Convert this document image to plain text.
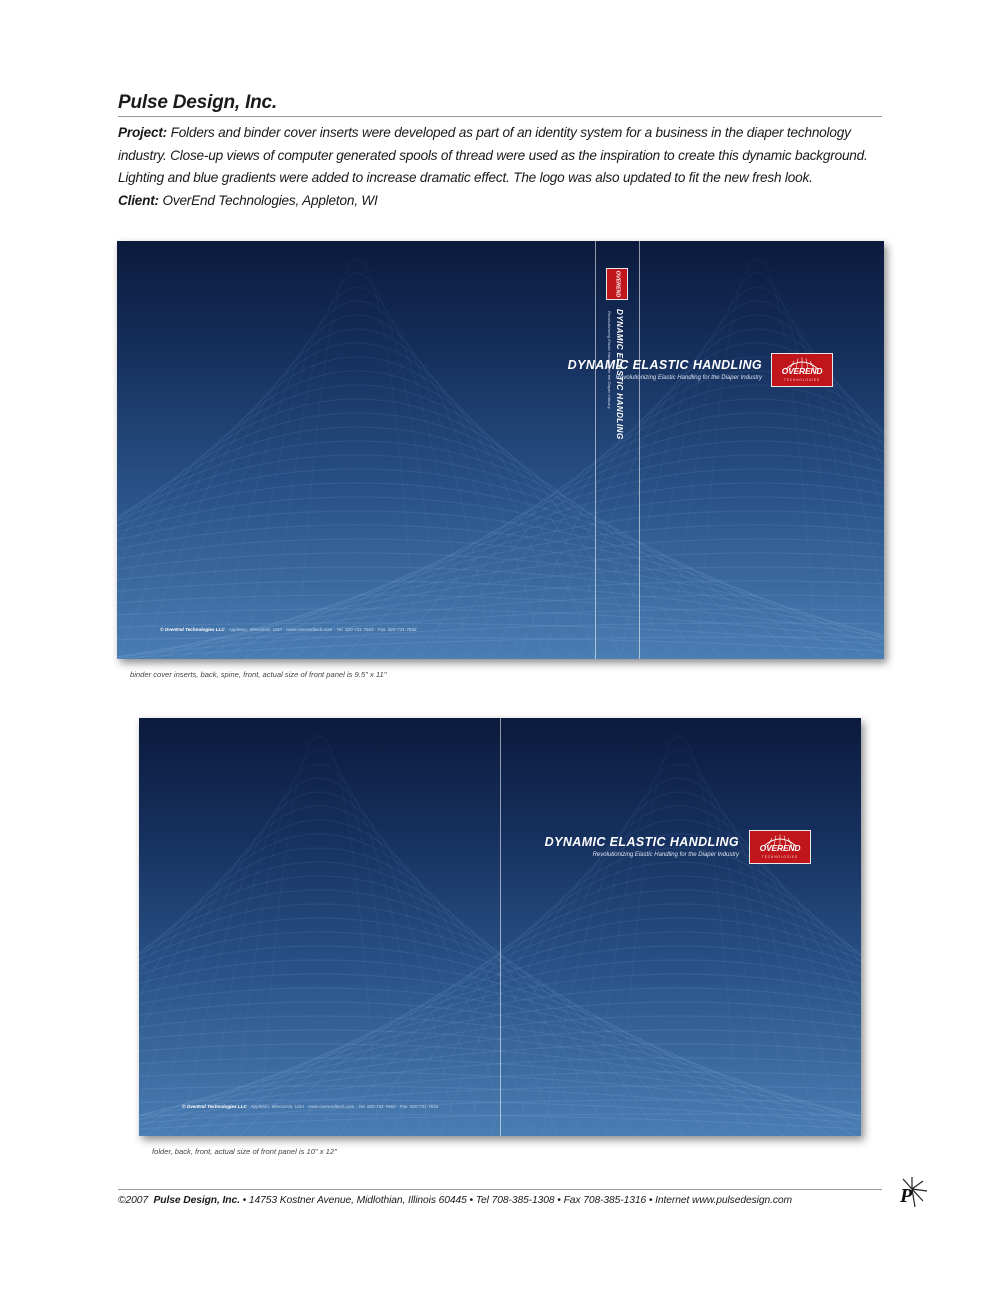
Pulse Design, Inc.
Project: Folders and binder cover inserts were developed as part of an identity system for a business in the diaper technology industry. Close-up views of computer generated spools of thread were used as the inspiration to create this dynamic background. Lighting and blue gradients were added to increase dramatic effect. The logo was also updated to fit the new fresh look.
Client: OverEnd Technologies, Appleton, WI
OVEREND
DYNAMIC ELASTIC HANDLING
Revolutionizing Elastic Handling for the Diaper Industry
DYNAMIC ELASTIC HANDLING
Revolutionizing Elastic Handling for the Diaper Industry
OVEREND
TECHNOLOGIES
© OverEnd Technologies LLC · Appleton, Wisconsin, USA · www.overendtech.com · Tel. 920-731-7663 · Fax. 920-731-7653
binder cover inserts, back, spine, front, actual size of front panel is 9.5" x 11"
DYNAMIC ELASTIC HANDLING
Revolutionizing Elastic Handling for the Diaper Industry
OVEREND
TECHNOLOGIES
© OverEnd Technologies LLC · Appleton, Wisconsin, USA · www.overendtech.com · Tel. 920-731-7663 · Fax. 920-731-7653
folder, back, front, actual size of front panel is 10" x 12"
©2007 Pulse Design, Inc. • 14753 Kostner Avenue, Midlothian, Illinois 60445 • Tel 708-385-1308 • Fax 708-385-1316 • Internet www.pulsedesign.com	P
